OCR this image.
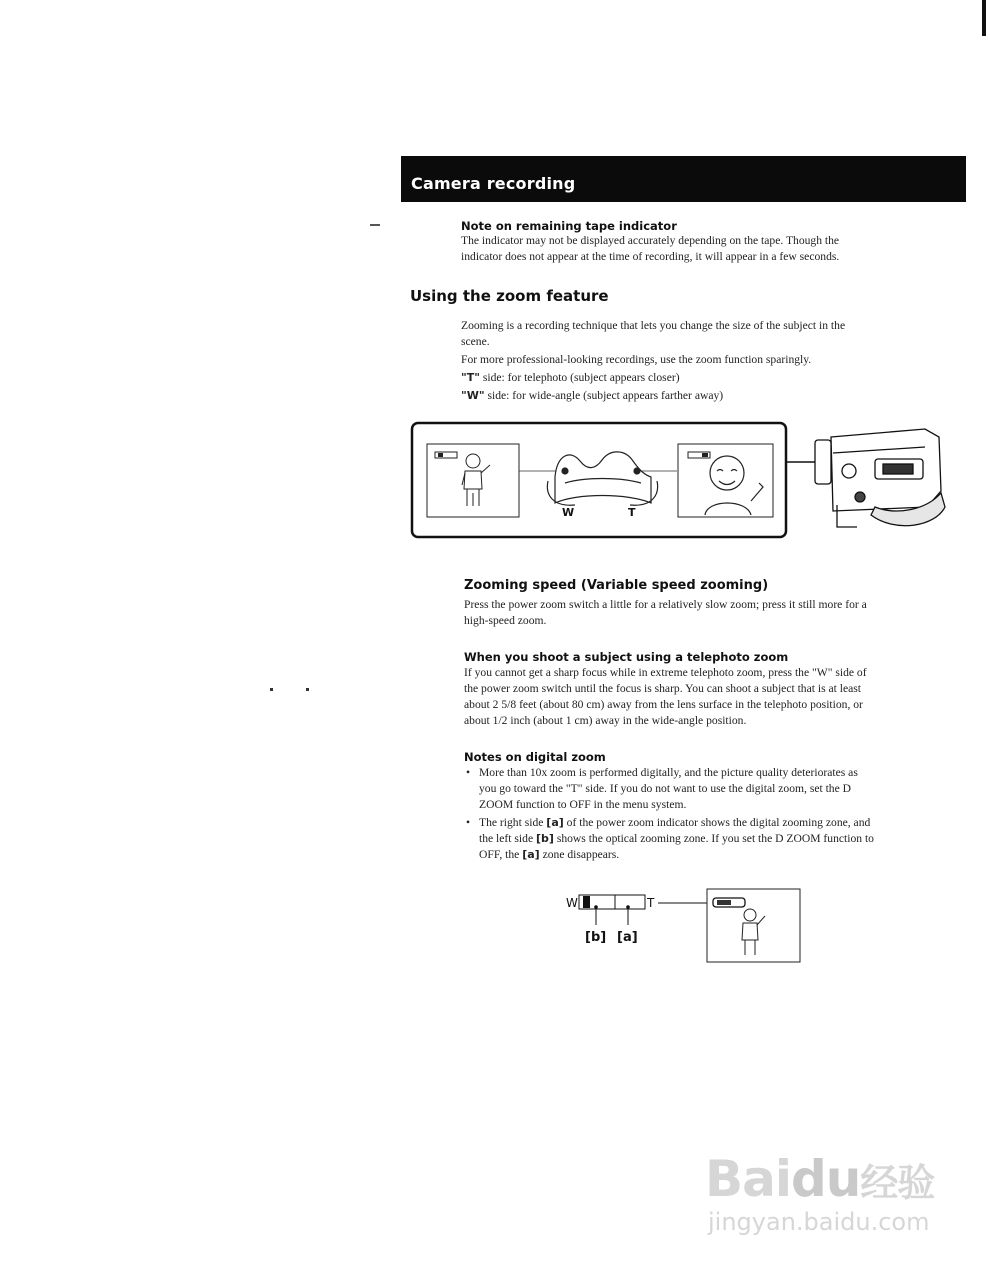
Camera recording
Note on remaining tape indicator

The indicator may not be displayed accurately depending on the tape. Though the

indicator does not appear at the time of recording, it will appear in a few seconds.

Using the zoom feature

Zooming is a recording technique that lets you change the size of the subject in the

scene.

For more professional-looking recordings, use the zoom function sparingly.

"T" side: for telephoto (subject appears closer)

"W" side: for wide-angle (subject appears farther away)

W	T
Zooming speed (Variable speed zooming)

Press the power zoom switch a little for a relatively slow zoom; press it still more for a

high-speed zoom.

When you shoot a subject using a telephoto zoom

If you cannot get a sharp focus while in extreme telephoto zoom, press the "W" side of

the power zoom switch until the focus is sharp. You can shoot a subject that is at least

about 2 5/8 feet (about 80 cm) away from the lens surface in the telephoto position, or

about 1/2 inch (about 1 cm) away in the wide-angle position.

Notes on digital zoom

• More than 10x zoom is performed digitally, and the picture quality deteriorates as

you go toward the "T" side. If you do not want to use the digital zoom, set the D

ZOOM function to OFF in the menu system.

• The right side [a] of the power zoom indicator shows the digital zooming zone, and

the left side [b] shows the optical zooming zone. If you set the D ZOOM function to

OFF, the [a] zone disappears.

W	T
[b] [a]
Baidu经验
jingyan.baidu.com
